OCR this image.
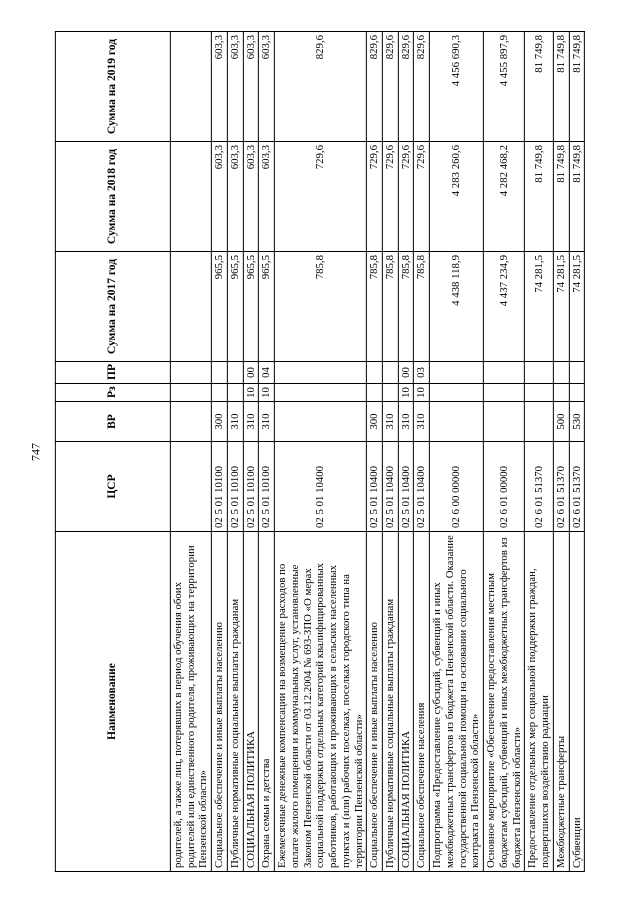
747
Наименование	ЦСР	ВР	Рз	ПР	Сумма на 2017 год	Сумма на 2018 год	Сумма на 2019 год
родителей, а также лиц, потерявших в период обучения обоих родителей или единственного родителя, проживающих на территории Пензенской области»							
Социальное обеспечение и иные выплаты населению	02 5 01 10100	300			965,5	603,3	603,3
Публичные нормативные социальные выплаты гражданам	02 5 01 10100	310			965,5	603,3	603,3
СОЦИАЛЬНАЯ ПОЛИТИКА	02 5 01 10100	310	10	00	965,5	603,3	603,3
Охрана семьи и детства	02 5 01 10100	310	10	04	965,5	603,3	603,3
Ежемесячные денежные компенсации на возмещение расходов по оплате жилого помещения и коммунальных услуг, установленные Законом Пензенской области от 03.12.2004 № 693-ЗПО «О мерах социальной поддержки отдельных категорий квалифицированных работников, работающих и проживающих в сельских населенных пунктах и (или) рабочих поселках, поселках городского типа на территории Пензенской области»	02 5 01 10400				785,8	729,6	829,6
Социальное обеспечение и иные выплаты населению	02 5 01 10400	300			785,8	729,6	829,6
Публичные нормативные социальные выплаты гражданам	02 5 01 10400	310			785,8	729,6	829,6
СОЦИАЛЬНАЯ ПОЛИТИКА	02 5 01 10400	310	10	00	785,8	729,6	829,6
Социальное обеспечение населения	02 5 01 10400	310	10	03	785,8	729,6	829,6
Подпрограмма «Предоставление субсидий, субвенций и иных межбюджетных трансфертов из бюджета Пензенской области. Оказание государственной социальной помощи на основании социального контракта в Пензенской области»	02 6 00 00000				4 438 118,9	4 283 260,6	4 456 690,3
Основное мероприятие «Обеспечение предоставления местным бюджетам субсидий, субвенций и иных межбюджетных трансфертов из бюджета Пензенской области»	02 6 01 00000				4 437 234,9	4 282 468,2	4 455 897,9
Предоставление отдельных мер социальной поддержки граждан, подвергшихся воздействию радиации	02 6 01 51370				74 281,5	81 749,8	81 749,8
Межбюджетные трансферты	02 6 01 51370	500			74 281,5	81 749,8	81 749,8
Субвенции	02 6 01 51370	530			74 281,5	81 749,8	81 749,8
